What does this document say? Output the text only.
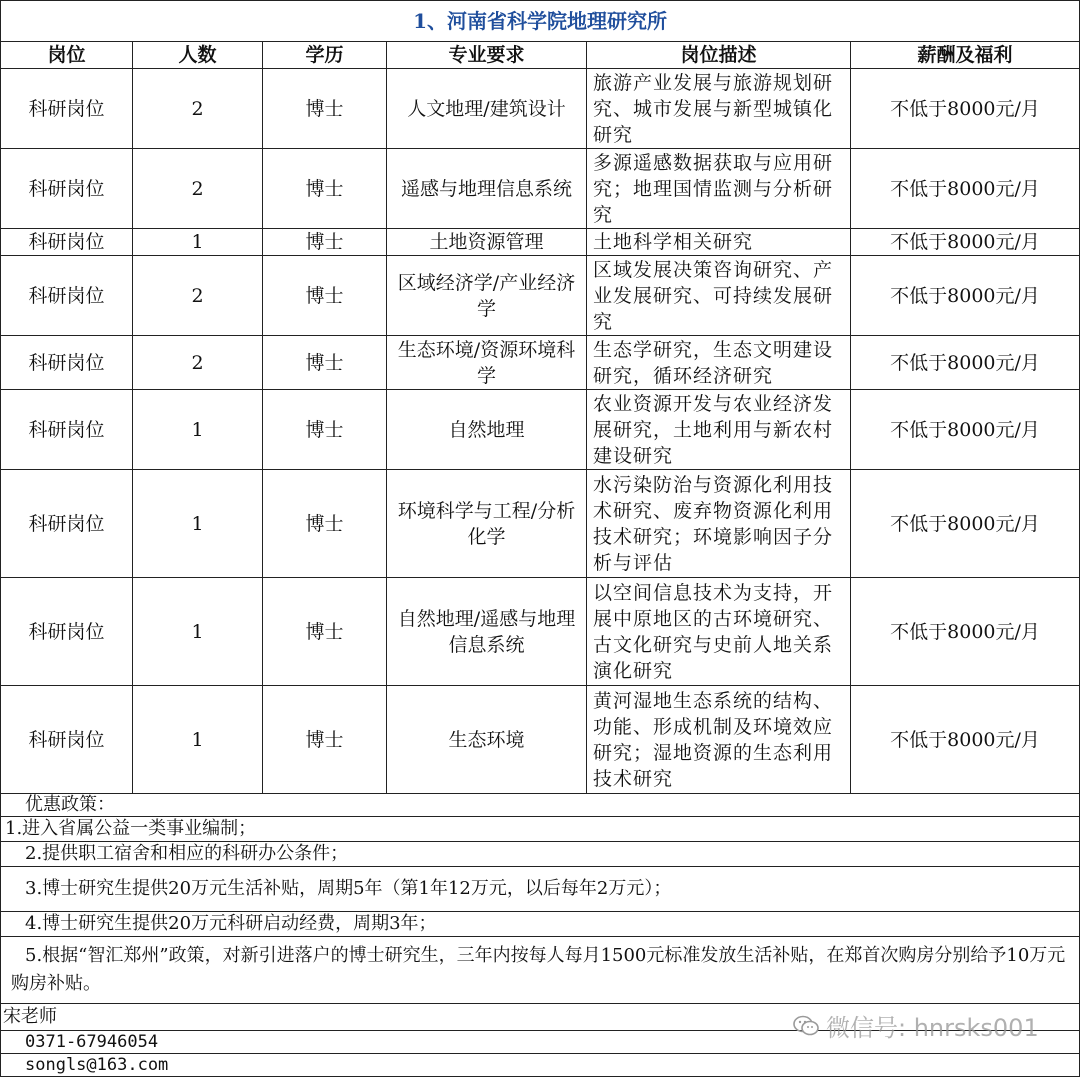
1、河南省科学院地理研究所					
岗位	人数	学历	专业要求	岗位描述	薪酬及福利
科研岗位	2	博士	人文地理/建筑设计	旅游产业发展与旅游规划研究、城市发展与新型城镇化研究	不低于8000元/月
科研岗位	2	博士	遥感与地理信息系统	多源遥感数据获取与应用研究；地理国情监测与分析研究	不低于8000元/月
科研岗位	1	博士	土地资源管理	土地科学相关研究	不低于8000元/月
科研岗位	2	博士	区域经济学/产业经济学	区域发展决策咨询研究、产业发展研究、可持续发展研究	不低于8000元/月
科研岗位	2	博士	生态环境/资源环境科学	生态学研究，生态文明建设研究，循环经济研究	不低于8000元/月
科研岗位	1	博士	自然地理	农业资源开发与农业经济发展研究，土地利用与新农村建设研究	不低于8000元/月
科研岗位	1	博士	环境科学与工程/分析化学	水污染防治与资源化利用技术研究、废弃物资源化利用技术研究；环境影响因子分析与评估	不低于8000元/月
科研岗位	1	博士	自然地理/遥感与地理信息系统	以空间信息技术为支持，开展中原地区的古环境研究、古文化研究与史前人地关系演化研究	不低于8000元/月
科研岗位	1	博士	生态环境	黄河湿地生态系统的结构、功能、形成机制及环境效应研究；湿地资源的生态利用技术研究	不低于8000元/月
优惠政策：					
1.进入省属公益一类事业编制；					
2.提供职工宿舍和相应的科研办公条件；					
3.博士研究生提供20万元生活补贴，周期5年（第1年12万元，以后每年2万元）；					
4.博士研究生提供20万元科研启动经费，周期3年；					
5.根据“智汇郑州”政策，对新引进落户的博士研究生，三年内按每人每月1500元标准发放生活补贴，在郑首次购房分别给予10万元购房补贴。					
宋老师					
0371-67946054					
songls@163.com					
微信号: hnrsks001
